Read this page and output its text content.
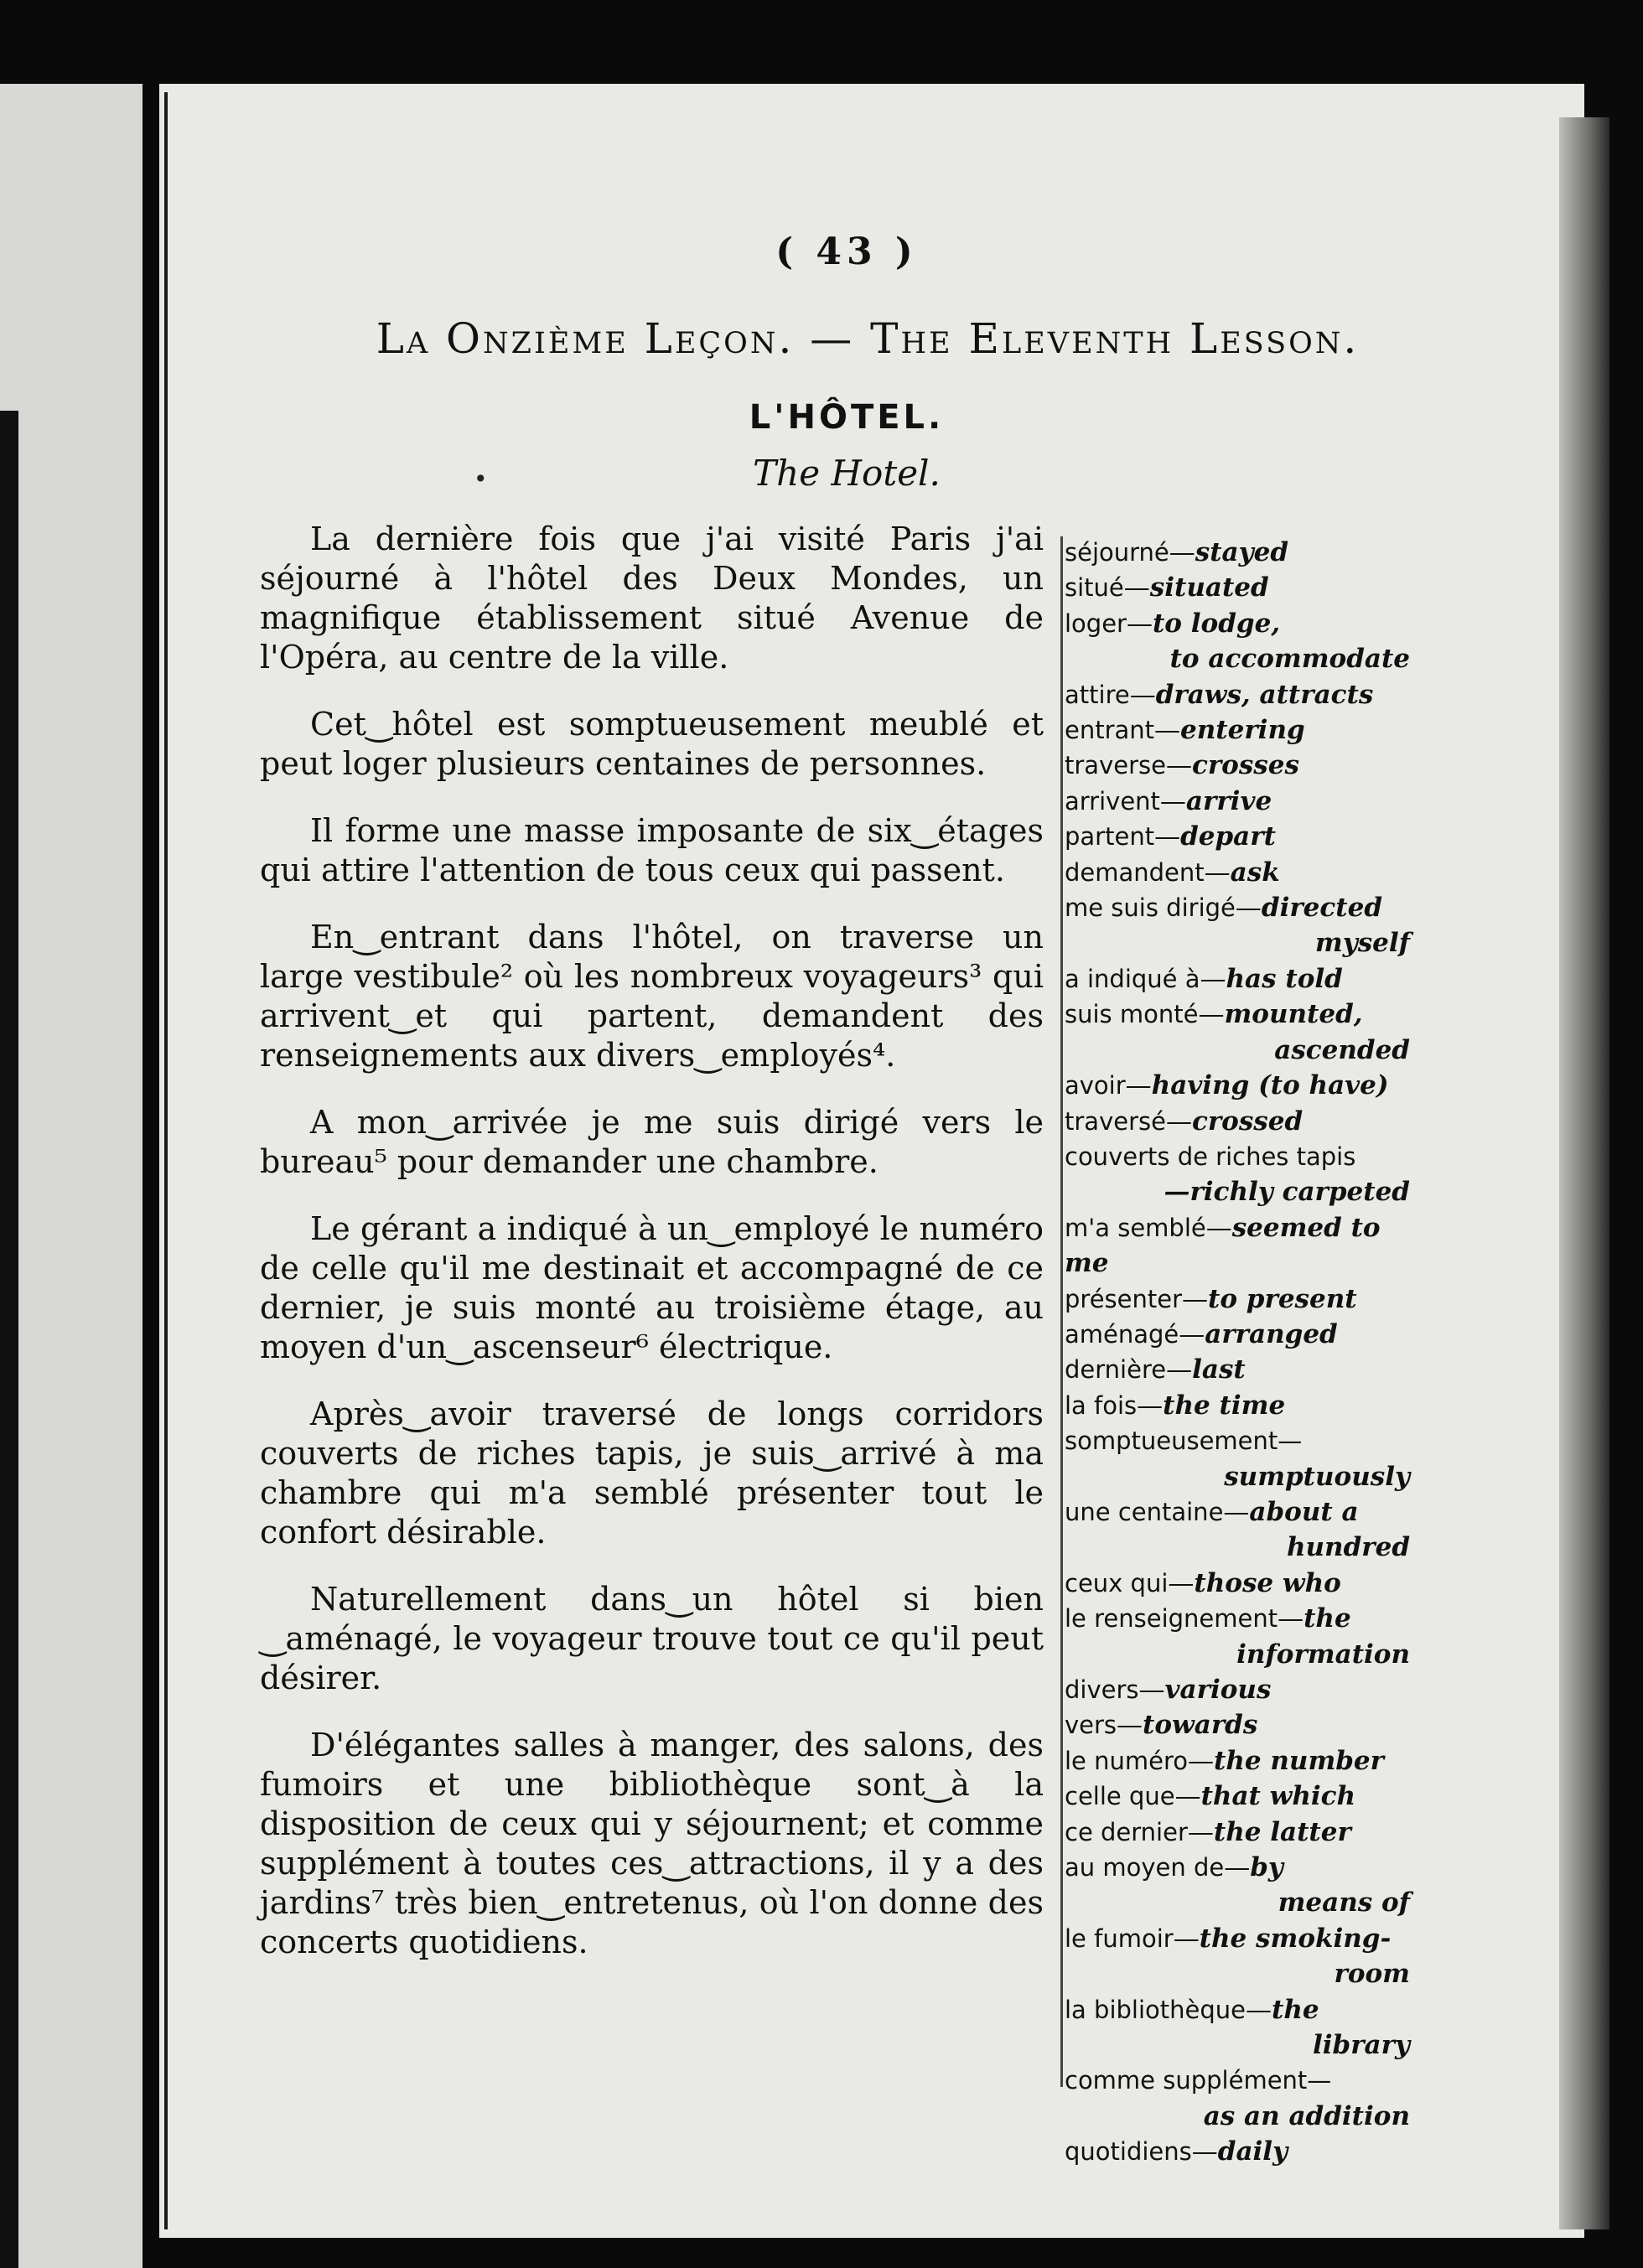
( 43 )
La Onzième Leçon. — The Eleventh Lesson.
L'HÔTEL.
•	The Hotel.

La dernière fois que j'ai visité Paris j'ai séjourné à l'hôtel des Deux Mondes, un magnifique établissement situé Avenue de l'Opéra, au centre de la ville.

Cet‿hôtel est somptueusement meublé et peut loger plusieurs centaines de personnes.

Il forme une masse imposante de six‿étages qui attire l'attention de tous ceux qui passent.

En‿entrant dans l'hôtel, on traverse un large vestibule² où les nombreux voyageurs³ qui arrivent‿et qui partent, demandent des renseignements aux divers‿employés⁴.

A mon‿arrivée je me suis dirigé vers le bureau⁵ pour demander une chambre.

Le gérant a indiqué à un‿employé le numéro de celle qu'il me destinait et accompagné de ce dernier, je suis monté au troisième étage, au moyen d'un‿ascenseur⁶ électrique.

Après‿avoir traversé de longs corridors couverts de riches tapis, je suis‿arrivé à ma chambre qui m'a semblé présenter tout le confort désirable.

Naturellement dans‿un hôtel si bien ‿aménagé, le voyageur trouve tout ce qu'il peut désirer.

D'élégantes salles à manger, des salons, des fumoirs et une bibliothèque sont‿à la disposition de ceux qui y séjournent; et comme supplément à toutes ces‿attractions, il y a des jardins⁷ très bien‿entretenus, où l'on donne des concerts quotidiens.

séjourné—stayed
situé—situated
loger—to lodge,
to accommodate
attire—draws, attracts
entrant—entering
traverse—crosses
arrivent—arrive
partent—depart
demandent—ask
me suis dirigé—directed
myself
a indiqué à—has told
suis monté—mounted,
ascended
avoir—having (to have)
traversé—crossed
couverts de riches tapis
—richly carpeted
m'a semblé—seemed to me
présenter—to present
aménagé—arranged
dernière—last
la fois—the time
somptueusement—
sumptuously
une centaine—about a
hundred
ceux qui—those who
le renseignement—the
information
divers—various
vers—towards
le numéro—the number
celle que—that which
ce dernier—the latter
au moyen de—by
means of
le fumoir—the smoking-
room
la bibliothèque—the
library
comme supplément—
as an addition
quotidiens—daily
